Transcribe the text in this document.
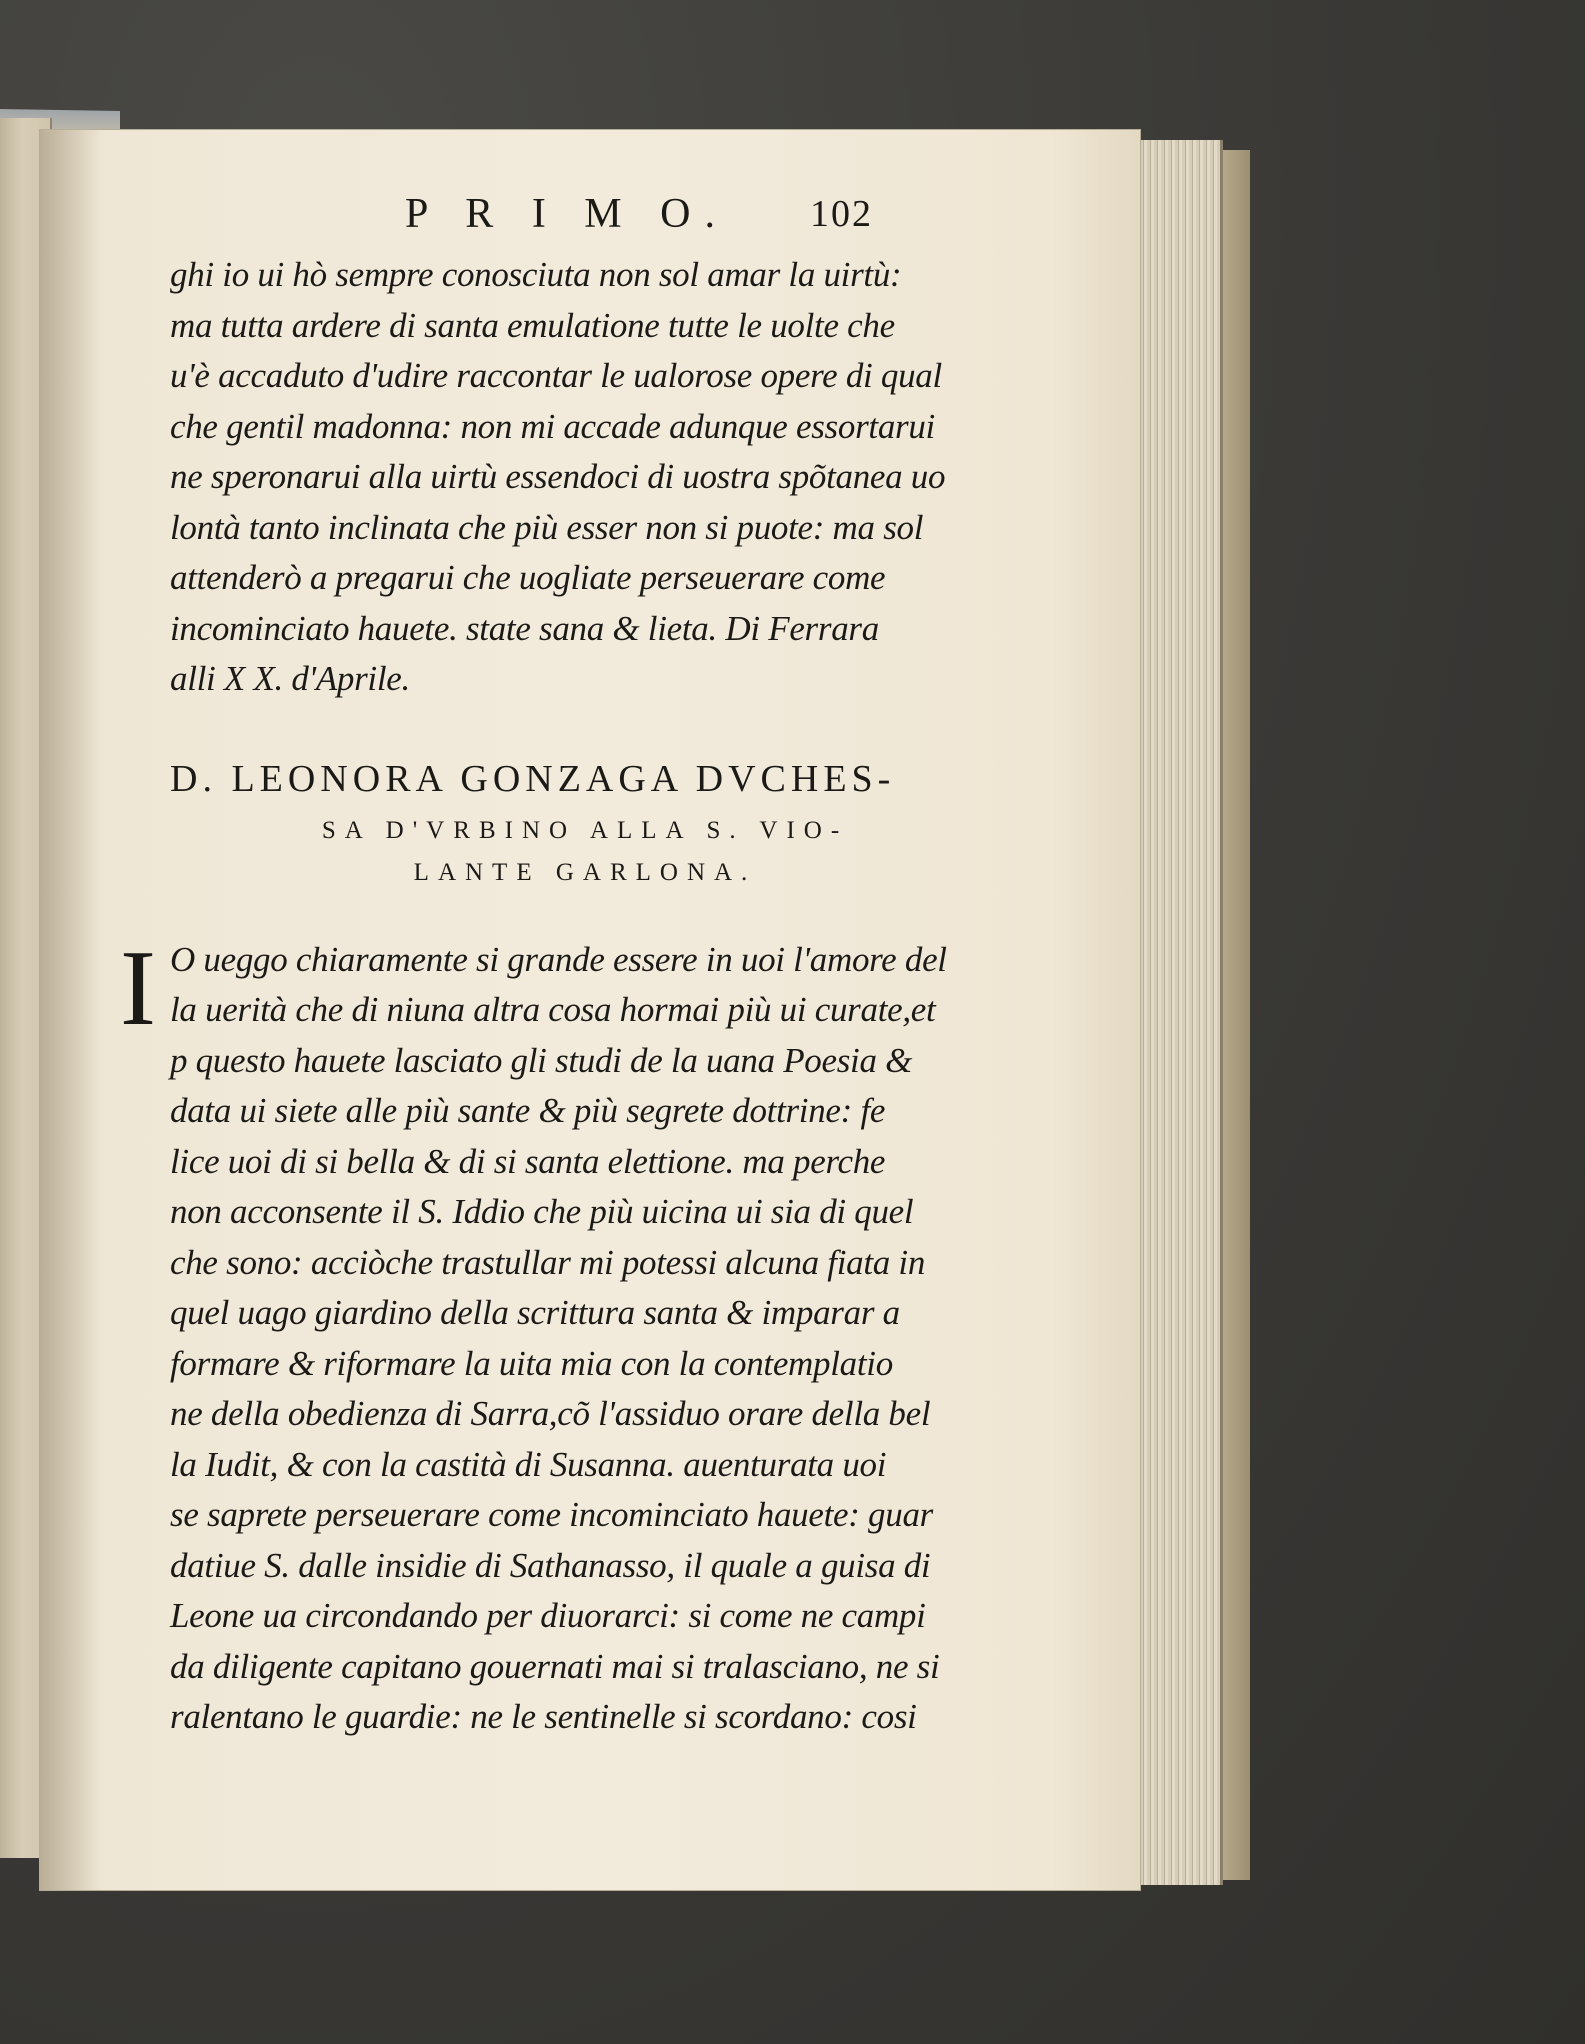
P R I M O. 102
ghi io ui hò sempre conosciuta non sol amar la uirtù:
ma tutta ardere di santa emulatione tutte le uolte che
u'è accaduto d'udire raccontar le ualorose opere di qual
che gentil madonna: non mi accade adunque essortarui
ne speronarui alla uirtù essendoci di uostra spõtanea uo
lontà tanto inclinata che più esser non si puote: ma sol
attenderò a pregarui che uogliate perseuerare come
incominciato hauete. state sana & lieta. Di Ferrara
alli X X. d'Aprile.
D. LEONORA GONZAGA DVCHES-
SA D'VRBINO ALLA S. VIO-
LANTE GARLONA.
I O ueggo chiaramente si grande essere in uoi l'amore del
la uerità che di niuna altra cosa hormai più ui curate,et
p questo hauete lasciato gli studi de la uana Poesia &
data ui siete alle più sante & più segrete dottrine: fe
lice uoi di si bella & di si santa elettione. ma perche
non acconsente il S. Iddio che più uicina ui sia di quel
che sono: acciòche trastullar mi potessi alcuna fiata in
quel uago giardino della scrittura santa & imparar a
formare & riformare la uita mia con la contemplatio
ne della obedienza di Sarra,cõ l'assiduo orare della bel
la Iudit, & con la castità di Susanna. auenturata uoi
se saprete perseuerare come incominciato hauete: guar
datiue S. dalle insidie di Sathanasso, il quale a guisa di
Leone ua circondando per diuorarci: si come ne campi
da diligente capitano gouernati mai si tralasciano, ne si
ralentano le guardie: ne le sentinelle si scordano: cosi
